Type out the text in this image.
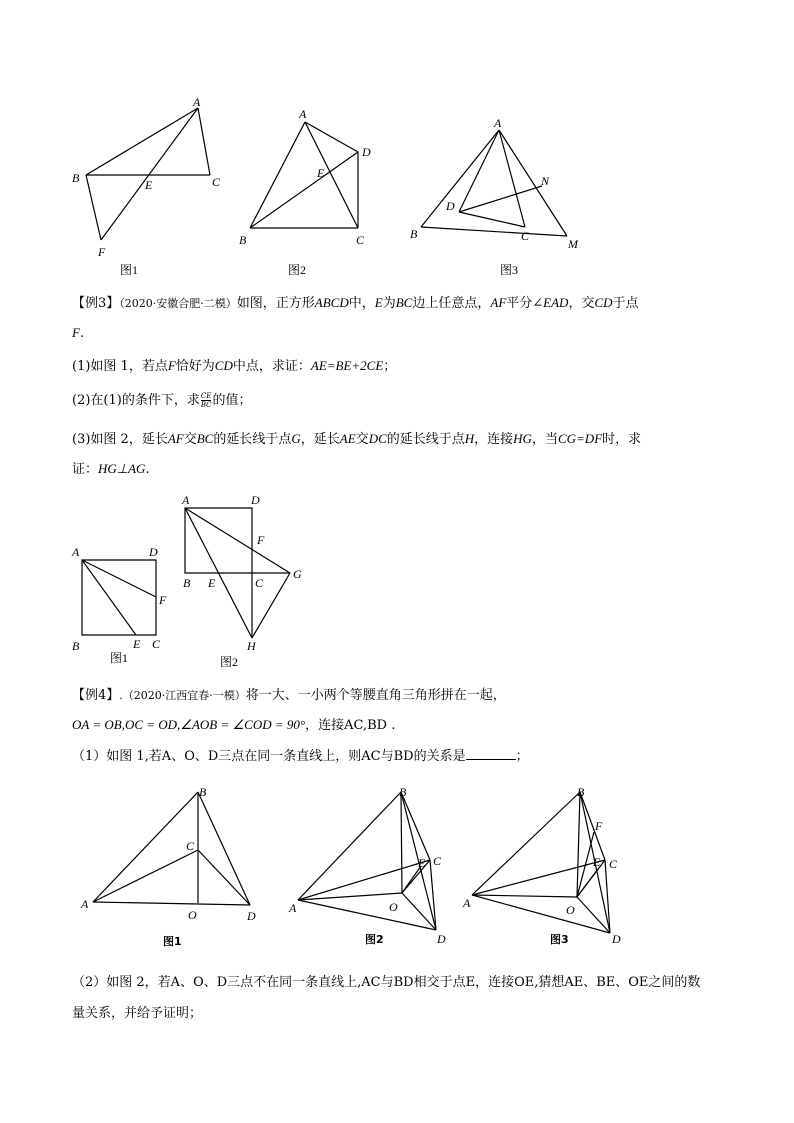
A
B	C
E
F
图1
A
B	C
D
E
图2
A
B	C
D
N
M
图3

【例3】（2020·安徽合肥·二模）如图，正方形ABCD中，E为BC边上任意点，AF平分∠EAD，交CD于点

F.

(1)如图 1，若点F恰好为CD中点，求证：AE=BE+2CE；

(2)在(1)的条件下，求 $\frac{CE}{BC}$ 的值；

(3)如图 2，延长AF交BC的延长线于点G，延长AE交DC的延长线于点H，连接HG，当CG=DF时，求

证：HG⊥AG.

A	D
F
B	E C
图1
A	D
F
G
B E	C
H
图2

【例4】.（2020·江西宜春·一模）将一大、一小两个等腰直角三角形拼在一起，

OA = OB,OC = OD,∠AOB = ∠COD = 90°，连接AC,BD .

（1）如图 1,若A、O、D三点在同一条直线上，则AC与BD的关系是	；

B
C
A
O	D
图1
B
E C
A	O
D
图2
B
F
E C
A	O
D
图3

（2）如图 2，若A、O、D三点不在同一条直线上,AC与BD相交于点E，连接OE,猜想AE、BE、OE之间的数

量关系，并给予证明；
